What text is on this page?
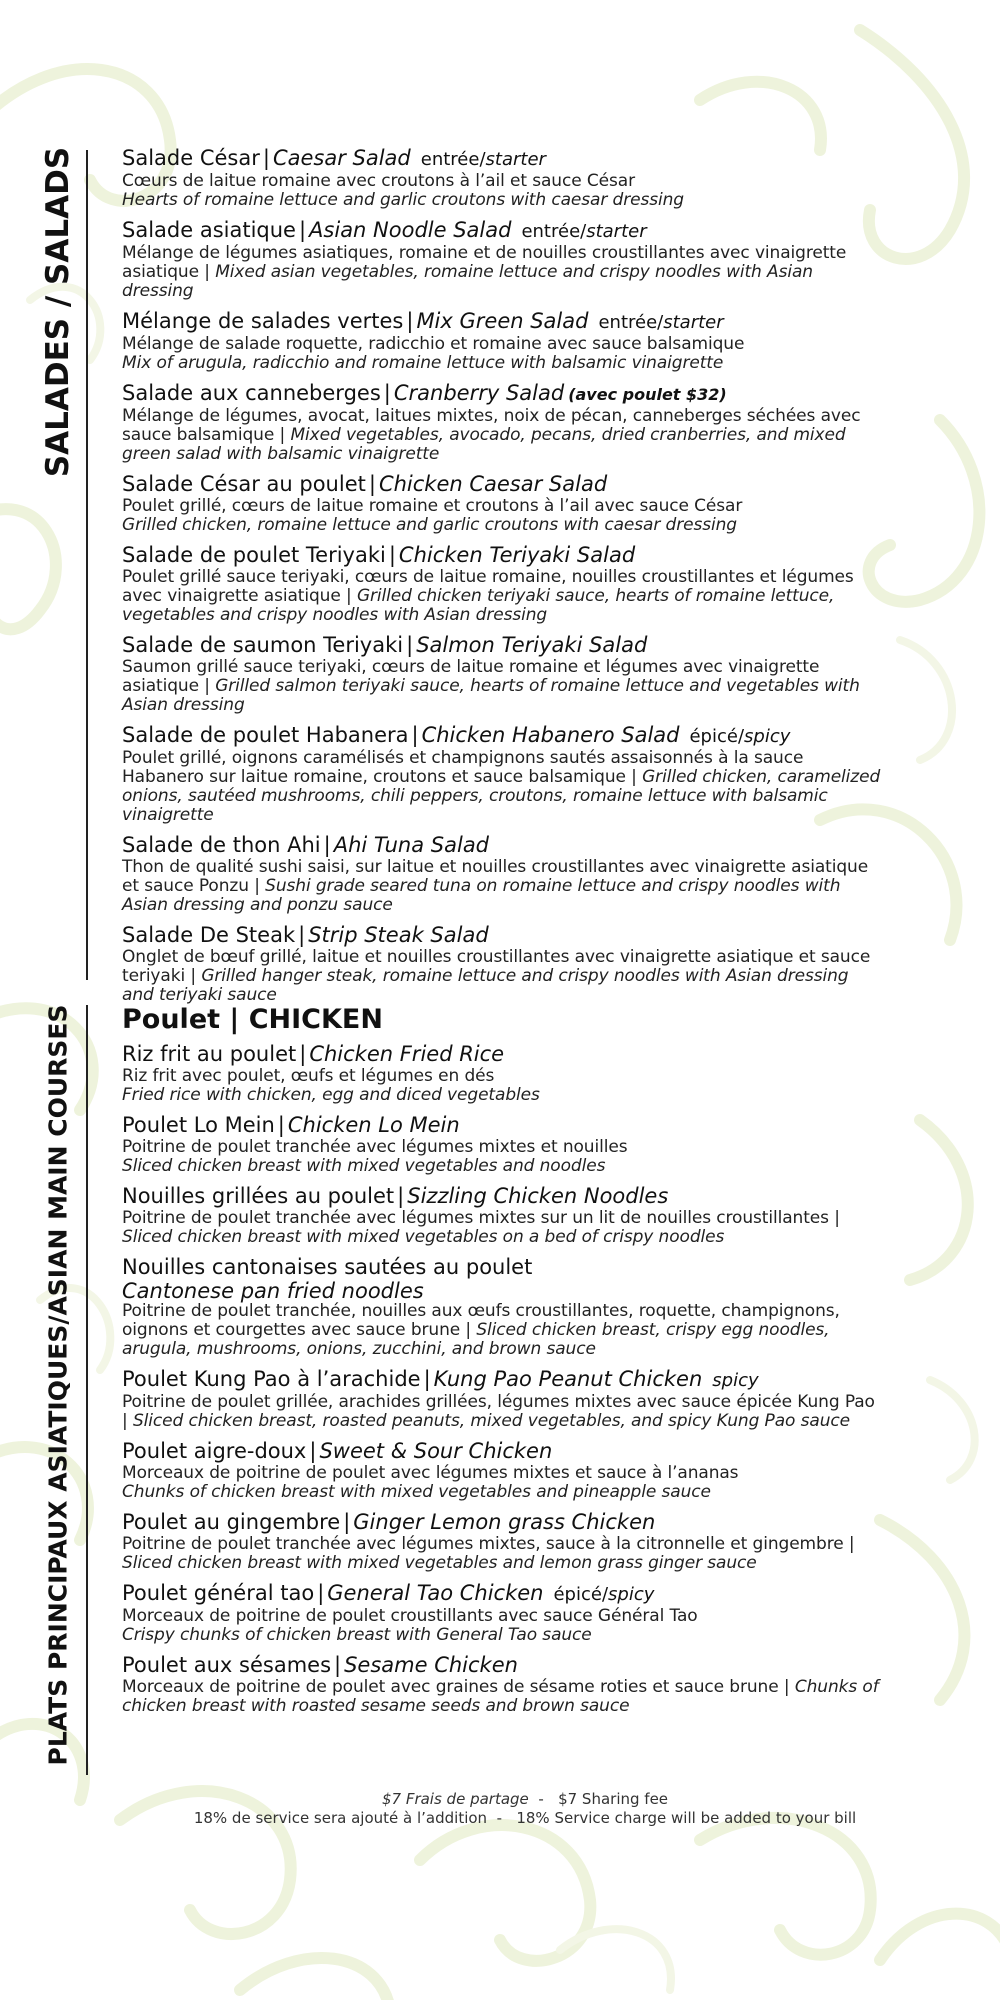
SALADES / SALADS
PLATS PRINCIPAUX ASIATIQUES/ASIAN MAIN COURSES
Salade César | Caesar Salad entrée/starter
Cœurs de laitue romaine avec croutons à l’ail et sauce César
Hearts of romaine lettuce and garlic croutons with caesar dressing
Salade asiatique | Asian Noodle Salad entrée/starter
Mélange de légumes asiatiques, romaine et de nouilles croustillantes avec vinaigrette asiatique | Mixed asian vegetables, romaine lettuce and crispy noodles with Asian dressing
Mélange de salades vertes | Mix Green Salad entrée/starter
Mélange de salade roquette, radicchio et romaine avec sauce balsamique
Mix of arugula, radicchio and romaine lettuce with balsamic vinaigrette
Salade aux canneberges | Cranberry Salad (avec poulet $32)
Mélange de légumes, avocat, laitues mixtes, noix de pécan, canneberges séchées avec sauce balsamique | Mixed vegetables, avocado, pecans, dried cranberries, and mixed green salad with balsamic vinaigrette
Salade César au poulet | Chicken Caesar Salad
Poulet grillé, cœurs de laitue romaine et croutons à l’ail avec sauce César
Grilled chicken, romaine lettuce and garlic croutons with caesar dressing
Salade de poulet Teriyaki | Chicken Teriyaki Salad
Poulet grillé sauce teriyaki, cœurs de laitue romaine, nouilles croustillantes et légumes avec vinaigrette asiatique | Grilled chicken teriyaki sauce, hearts of romaine lettuce, vegetables and crispy noodles with Asian dressing
Salade de saumon Teriyaki | Salmon Teriyaki Salad
Saumon grillé sauce teriyaki, cœurs de laitue romaine et légumes avec vinaigrette asiatique | Grilled salmon teriyaki sauce, hearts of romaine lettuce and vegetables with Asian dressing
Salade de poulet Habanera | Chicken Habanero Salad épicé/spicy
Poulet grillé, oignons caramélisés et champignons sautés assaisonnés à la sauce Habanero sur laitue romaine, croutons et sauce balsamique | Grilled chicken, caramelized onions, sautéed mushrooms, chili peppers, croutons, romaine lettuce with balsamic vinaigrette
Salade de thon Ahi | Ahi Tuna Salad
Thon de qualité sushi saisi, sur laitue et nouilles croustillantes avec vinaigrette asiatique et sauce Ponzu | Sushi grade seared tuna on romaine lettuce and crispy noodles with Asian dressing and ponzu sauce
Salade De Steak | Strip Steak Salad
Onglet de bœuf grillé, laitue et nouilles croustillantes avec vinaigrette asiatique et sauce teriyaki | Grilled hanger steak, romaine lettuce and crispy noodles with Asian dressing and teriyaki sauce
Poulet | CHICKEN
Riz frit au poulet | Chicken Fried Rice
Riz frit avec poulet, œufs et légumes en dés
Fried rice with chicken, egg and diced vegetables
Poulet Lo Mein | Chicken Lo Mein
Poitrine de poulet tranchée avec légumes mixtes et nouilles
Sliced chicken breast with mixed vegetables and noodles
Nouilles grillées au poulet | Sizzling Chicken Noodles
Poitrine de poulet tranchée avec légumes mixtes sur un lit de nouilles croustillantes | Sliced chicken breast with mixed vegetables on a bed of crispy noodles
Nouilles cantonaises sautées au poulet
Cantonese pan fried noodles
Poitrine de poulet tranchée, nouilles aux œufs croustillantes, roquette, champignons, oignons et courgettes avec sauce brune | Sliced chicken breast, crispy egg noodles, arugula, mushrooms, onions, zucchini, and brown sauce
Poulet Kung Pao à l’arachide | Kung Pao Peanut Chicken spicy
Poitrine de poulet grillée, arachides grillées, légumes mixtes avec sauce épicée Kung Pao | Sliced chicken breast, roasted peanuts, mixed vegetables, and spicy Kung Pao sauce
Poulet aigre-doux | Sweet & Sour Chicken
Morceaux de poitrine de poulet avec légumes mixtes et sauce à l’ananas
Chunks of chicken breast with mixed vegetables and pineapple sauce
Poulet au gingembre | Ginger Lemon grass Chicken
Poitrine de poulet tranchée avec légumes mixtes, sauce à la citronnelle et gingembre | Sliced chicken breast with mixed vegetables and lemon grass ginger sauce
Poulet général tao | General Tao Chicken épicé/spicy
Morceaux de poitrine de poulet croustillants avec sauce Général Tao
Crispy chunks of chicken breast with General Tao sauce
Poulet aux sésames | Sesame Chicken
Morceaux de poitrine de poulet avec graines de sésame roties et sauce brune | Chunks of chicken breast with roasted sesame seeds and brown sauce
$7 Frais de partage  -   $7 Sharing fee
18% de service sera ajouté à l’addition  -   18% Service charge will be added to your bill
